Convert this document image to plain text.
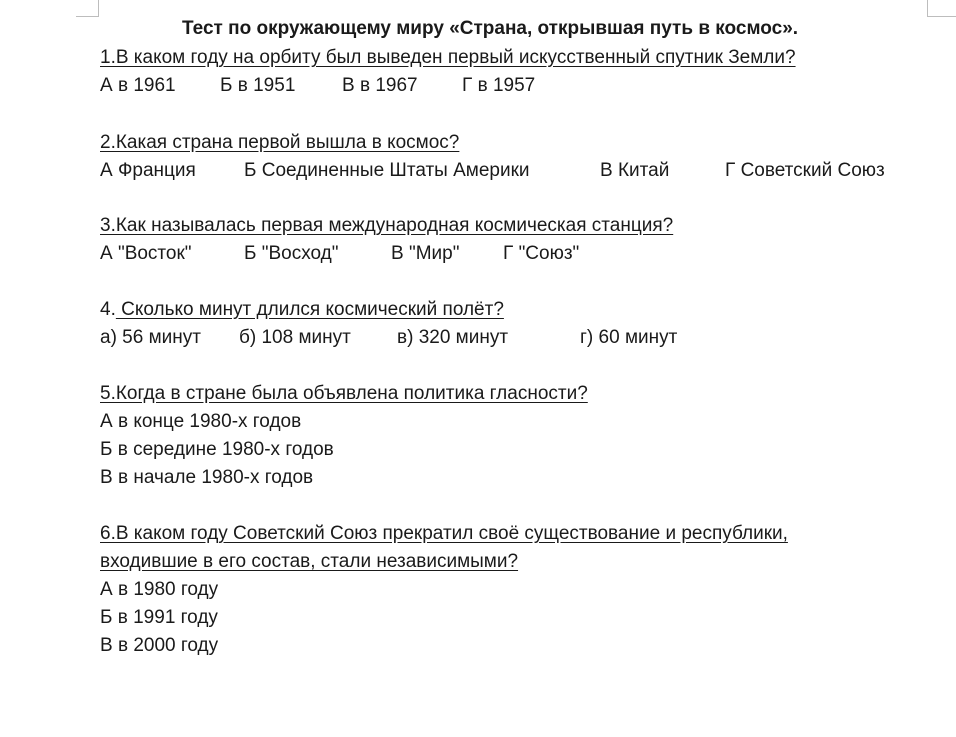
Тест по окружающему миру «Страна, открывшая путь в космос».
1.В каком году на орбиту был выведен первый искусственный спутник Земли?
А в 1961 Б в 1951 В в 1967 Г в 1957
2.Какая страна первой вышла в космос?
А Франция	Б Соединенные Штаты Америки	В Китай	Г Советский Союз
3.Как называлась первая международная космическая станция?
А "Восток"	Б "Восход"	В "Мир" Г "Союз"
4. Сколько минут длился космический полёт?
а) 56 минут б) 108 минут в) 320 минут	г) 60 минут
5.Когда в стране была объявлена политика гласности?
А в конце 1980-х годов
Б в середине 1980-х годов
В в начале 1980-х годов
6.В каком году Советский Союз прекратил своё существование и республики,
входившие в его состав, стали независимыми?
А в 1980 году
Б в 1991 году
В в 2000 году
